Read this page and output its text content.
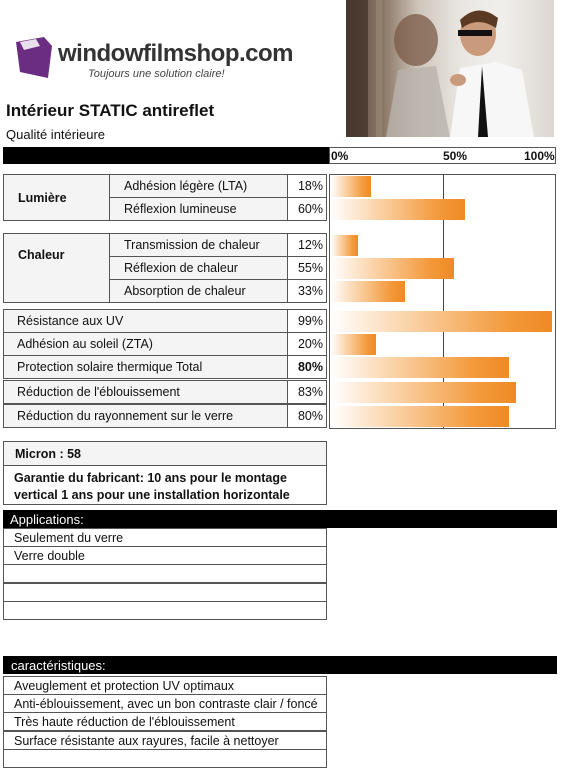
windowfilmshop.com
Toujours une solution claire!
Intérieur STATIC antireflet
Qualité intérieure
0%	50%	100%
Lumière
Chaleur
Adhésion légère (LTA)
Réflexion lumineuse
Transmission de chaleur
Réflexion de chaleur
Absorption de chaleur
Résistance aux UV
Adhésion au soleil (ZTA)
Protection solaire thermique Total
Réduction de l'éblouissement
Réduction du rayonnement sur le verre
18%
60%
12%
55%
33%
99%
20%
80%
83%
80%
Micron : 58
Garantie du fabricant: 10 ans pour le montage
vertical 1 ans pour une installation horizontale
Applications:
Seulement du verre
Verre double
caractéristiques:
Aveuglement et protection UV optimaux
Anti-éblouissement, avec un bon contraste clair / foncé
Très haute réduction de l'éblouissement
Surface résistante aux rayures, facile à nettoyer
